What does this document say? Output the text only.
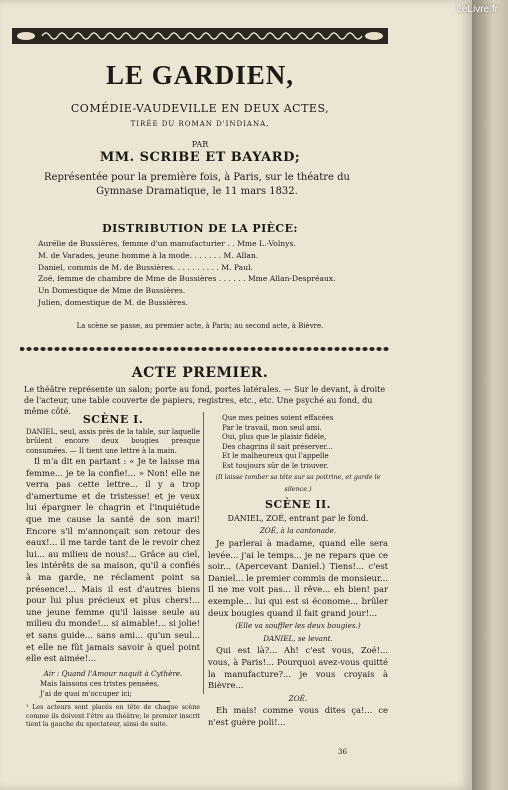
LeLivre.fr
LE GARDIEN,
COMÉDIE-VAUDEVILLE EN DEUX ACTES,
TIRÉE DU ROMAN D'INDIANA,
PAR
MM. SCRIBE ET BAYARD;
Représentée pour la première fois, à Paris, sur le théatre du Gymnase Dramatique, le 11 mars 1832.
DISTRIBUTION DE LA PIÈCE:
Aurélie de Bussières, femme d'un manufacturier . . Mme L.-Volnys.
M. de Varades, jeune homme à la mode. . . . . . . M. Allan.
Daniel, commis de M. de Bussières. . . . . . . . . . M. Paul.
Zoé, femme de chambre de Mme de Bussières . . . . . . Mme Allan-Despréaux.
Un Domestique de Mme de Bussières.
Julien, domestique de M. de Bussières.
La scène se passe, au premier acte, à Paris; au second acte, à Bièvre.
ACTE PREMIER.
Le théâtre représente un salon; porte au fond, portes latérales. — Sur le devant, à droite de l'acteur, une table couverte de papiers, registres, etc., etc. Une psyché au fond, du même côté.
SCÈNE I.

DANIEL, seul, assis près de la table, sur laquelle brûlent encore deux bougies presque consumées. — Il tient une lettre à la main.

Il m'a dit en partant : « Je te laisse ma femme... je te la confie!... » Non! elle ne verra pas cette lettre... il y a trop d'amertume et de tristesse! et je veux lui épargner le chagrin et l'inquiétude que me cause la santé de son mari! Encore s'il m'annonçait son retour des eaux!... il me tarde tant de le revoir chez lui... au milieu de nous!... Grâce au ciel, les intérêts de sa maison, qu'il a confiés à ma garde, ne réclament point sa présence!... Mais il est d'autres biens pour lui plus précieux et plus chers!... une jeune femme qu'il laisse seule au milieu du monde!... si aimable!... si jolie! et sans guide... sans ami... qu'un seul... et elle ne fût jamais savoir à quel point elle est aimée!...

Air : Quand l'Amour naquit à Cythère.
Mais laissons ces tristes pensées,
J'ai de quoi m'occuper ici;

¹ Les acteurs sont placés en tête de chaque scène comme ils doivent l'être au théâtre; le premier inscrit tient la gauche du spectateur, ainsi de suite.

Que mes peines soient effacées
Par le travail, mon seul ami.
Oui, plus que le plaisir fidèle,
Des chagrins il sait préserver...
Et le malheureux qui l'appelle
Est toujours sûr de le trouver.
(Il laisse tomber sa tête sur sa poitrine, et garde le silence.)
SCÈNE II.
DANIEL, ZOÉ, entrant par le fond.
ZOÉ, à la cantonade.

Je parlerai à madame, quand elle sera levée... j'ai le temps... je ne repars que ce soir... (Apercevant Daniel.) Tiens!... c'est Daniel... le premier commis de monsieur... Il ne me voit pas... il rêve... eh bien! par exemple... lui qui est si économe... brûler deux bougies quand il fait grand jour!...

(Elle va souffler les deux bougies.)
DANIEL, se levant.

Qui est là?... Ah! c'est vous, Zoé!... vous, à Paris!... Pourquoi avez-vous quitté la manufacture?... je vous croyais à Bièvre...

ZOÉ.

Eh mais! comme vous dites ça!... ce n'est guère poli!...

36
